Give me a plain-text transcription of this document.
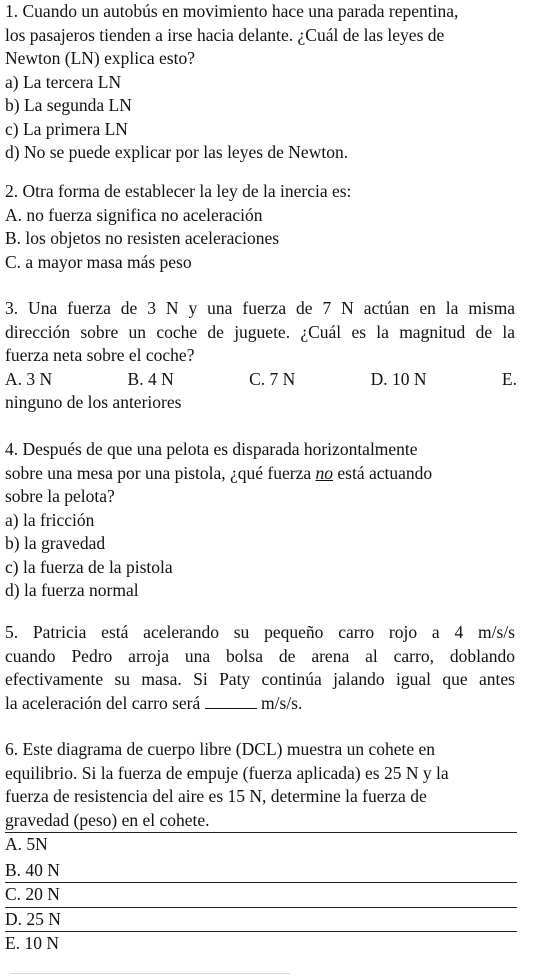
1. Cuando un autobús en movimiento hace una parada repentina,
los pasajeros tienden a irse hacia delante. ¿Cuál de las leyes de
Newton (LN) explica esto?
a) La tercera LN
b) La segunda LN
c) La primera LN
d) No se puede explicar por las leyes de Newton.
2. Otra forma de establecer la ley de la inercia es:
A. no fuerza significa no aceleración
B. los objetos no resisten aceleraciones
C. a mayor masa más peso
3. Una fuerza de 3 N y una fuerza de 7 N actúan en la misma
dirección sobre un coche de juguete. ¿Cuál es la magnitud de la
fuerza neta sobre el coche?
A. 3 N	B. 4 N	C. 7 N	D. 10 N	E.
ninguno de los anteriores
4. Después de que una pelota es disparada horizontalmente
sobre una mesa por una pistola, ¿qué fuerza no está actuando
sobre la pelota?
a) la fricción
b) la gravedad
c) la fuerza de la pistola
d) la fuerza normal
5. Patricia está acelerando su pequeño carro rojo a 4 m/s/s
cuando Pedro arroja una bolsa de arena al carro, doblando
efectivamente su masa. Si Paty continúa jalando igual que antes
la aceleración del carro será	m/s/s.
6. Este diagrama de cuerpo libre (DCL) muestra un cohete en
equilibrio. Si la fuerza de empuje (fuerza aplicada) es 25 N y la
fuerza de resistencia del aire es 15 N, determine la fuerza de
gravedad (peso) en el cohete.
A. 5N
B. 40 N
C. 20 N
D. 25 N
E. 10 N
